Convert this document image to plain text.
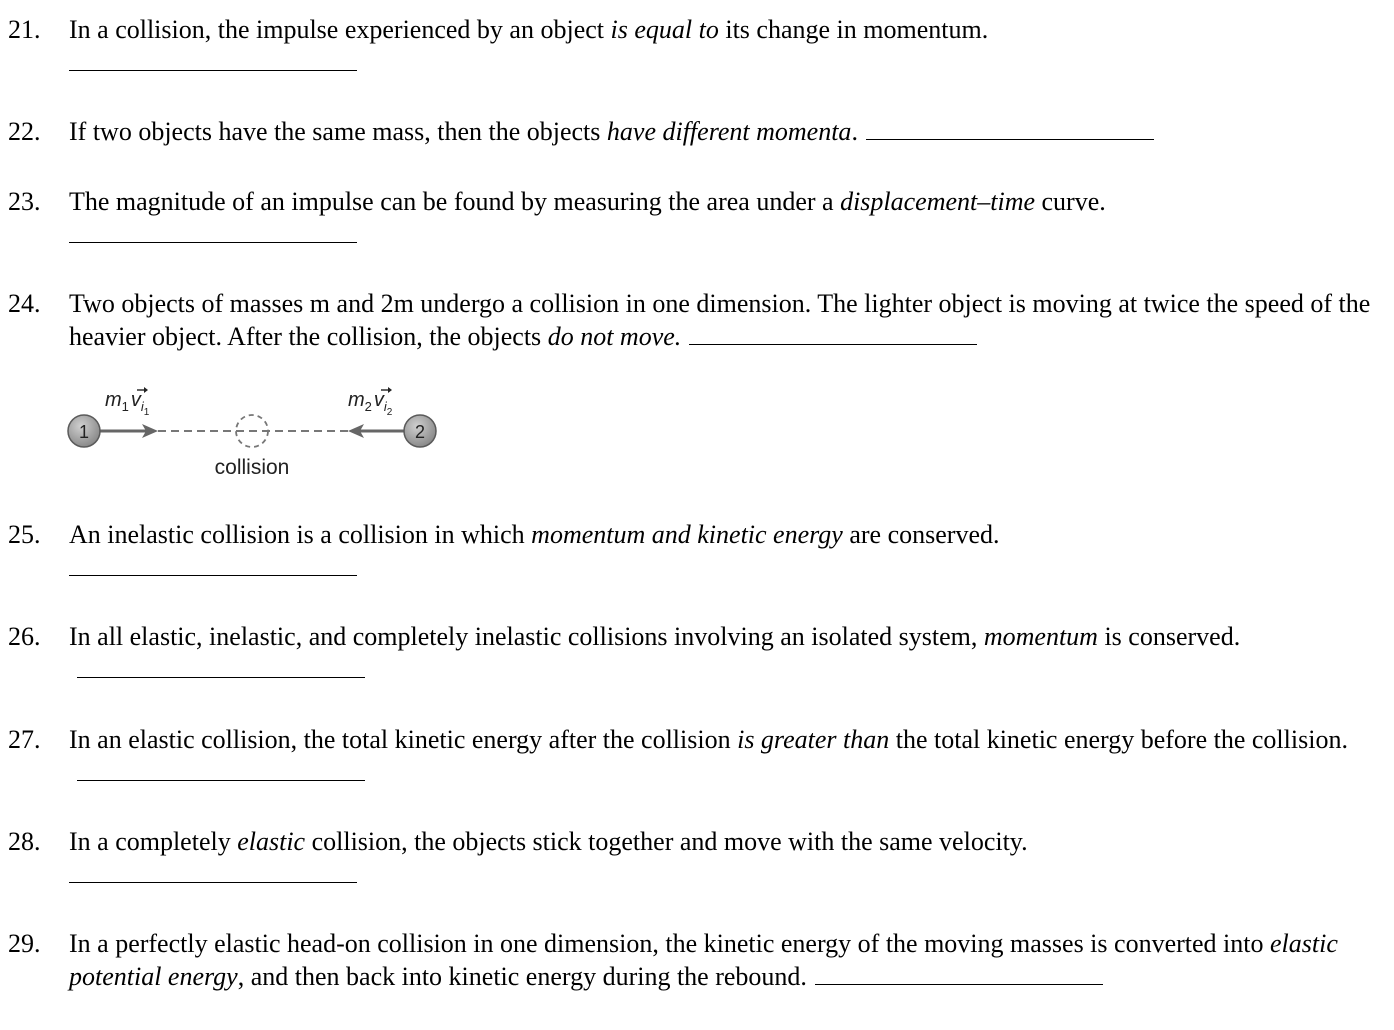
21.	In a collision, the impulse experienced by an object is equal to its change in momentum.
22.	If two objects have the same mass, then the objects have different momenta.
23.	The magnitude of an impulse can be found by measuring the area under a displacement–time curve.
24.	Two objects of masses m and 2m undergo a collision in one dimension. The lighter object is moving at twice the speed of the heavier object. After the collision, the objects do not move.
1	2
$m_1$ $v_{i1}$
$m_2$ $v_{i2}$
collision
25.	An inelastic collision is a collision in which momentum and kinetic energy are conserved.
26.	In all elastic, inelastic, and completely inelastic collisions involving an isolated system, momentum is conserved.
27.	In an elastic collision, the total kinetic energy after the collision is greater than the total kinetic energy before the collision.
28.	In a completely elastic collision, the objects stick together and move with the same velocity.
29.	In a perfectly elastic head-on collision in one dimension, the kinetic energy of the moving masses is converted into elastic potential energy, and then back into kinetic energy during the rebound.
